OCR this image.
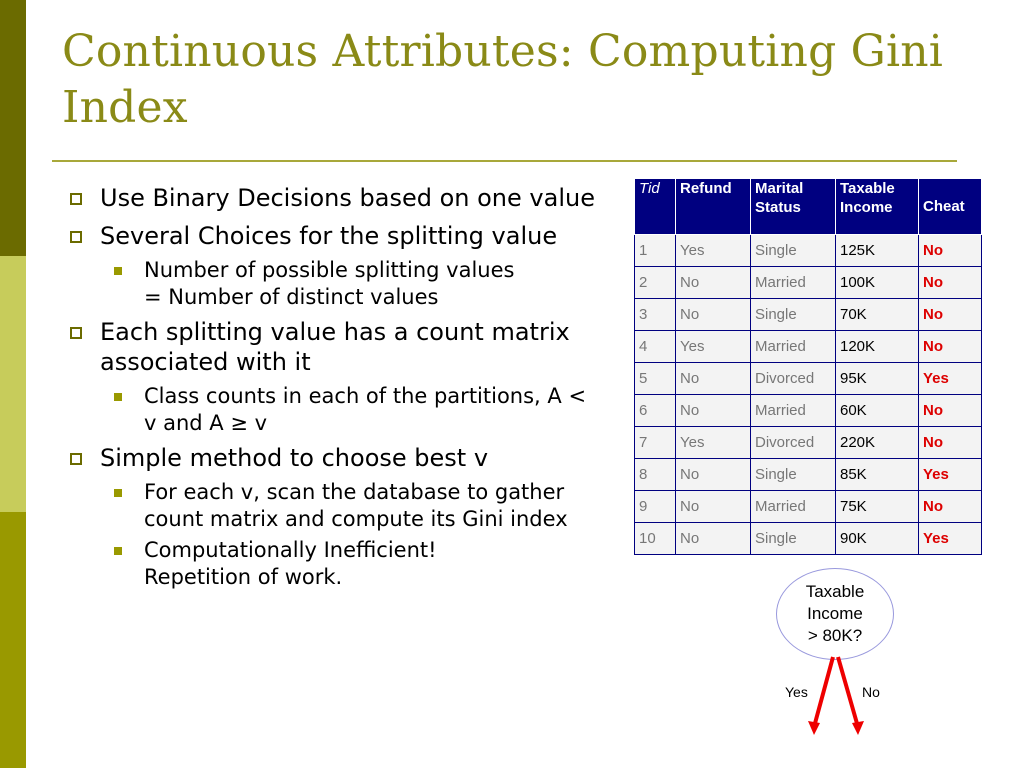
Continuous Attributes: Computing Gini Index
Use Binary Decisions based on one value
Several Choices for the splitting value
Number of possible splitting values
= Number of distinct values
Each splitting value has a count matrix associated with it
Class counts in each of the partitions, A < v and A ≥ v
Simple method to choose best v
For each v, scan the database to gather count matrix and compute its Gini index
Computationally Inefficient!
Repetition of work.
Tid	Refund	Marital Status	Taxable Income	Cheat
1	Yes	Single	125K	No
2	No	Married	100K	No
3	No	Single	70K	No
4	Yes	Married	120K	No
5	No	Divorced	95K	Yes
6	No	Married	60K	No
7	Yes	Divorced	220K	No
8	No	Single	85K	Yes
9	No	Married	75K	No
10	No	Single	90K	Yes
Taxable
Income
> 80K?
Yes	No
